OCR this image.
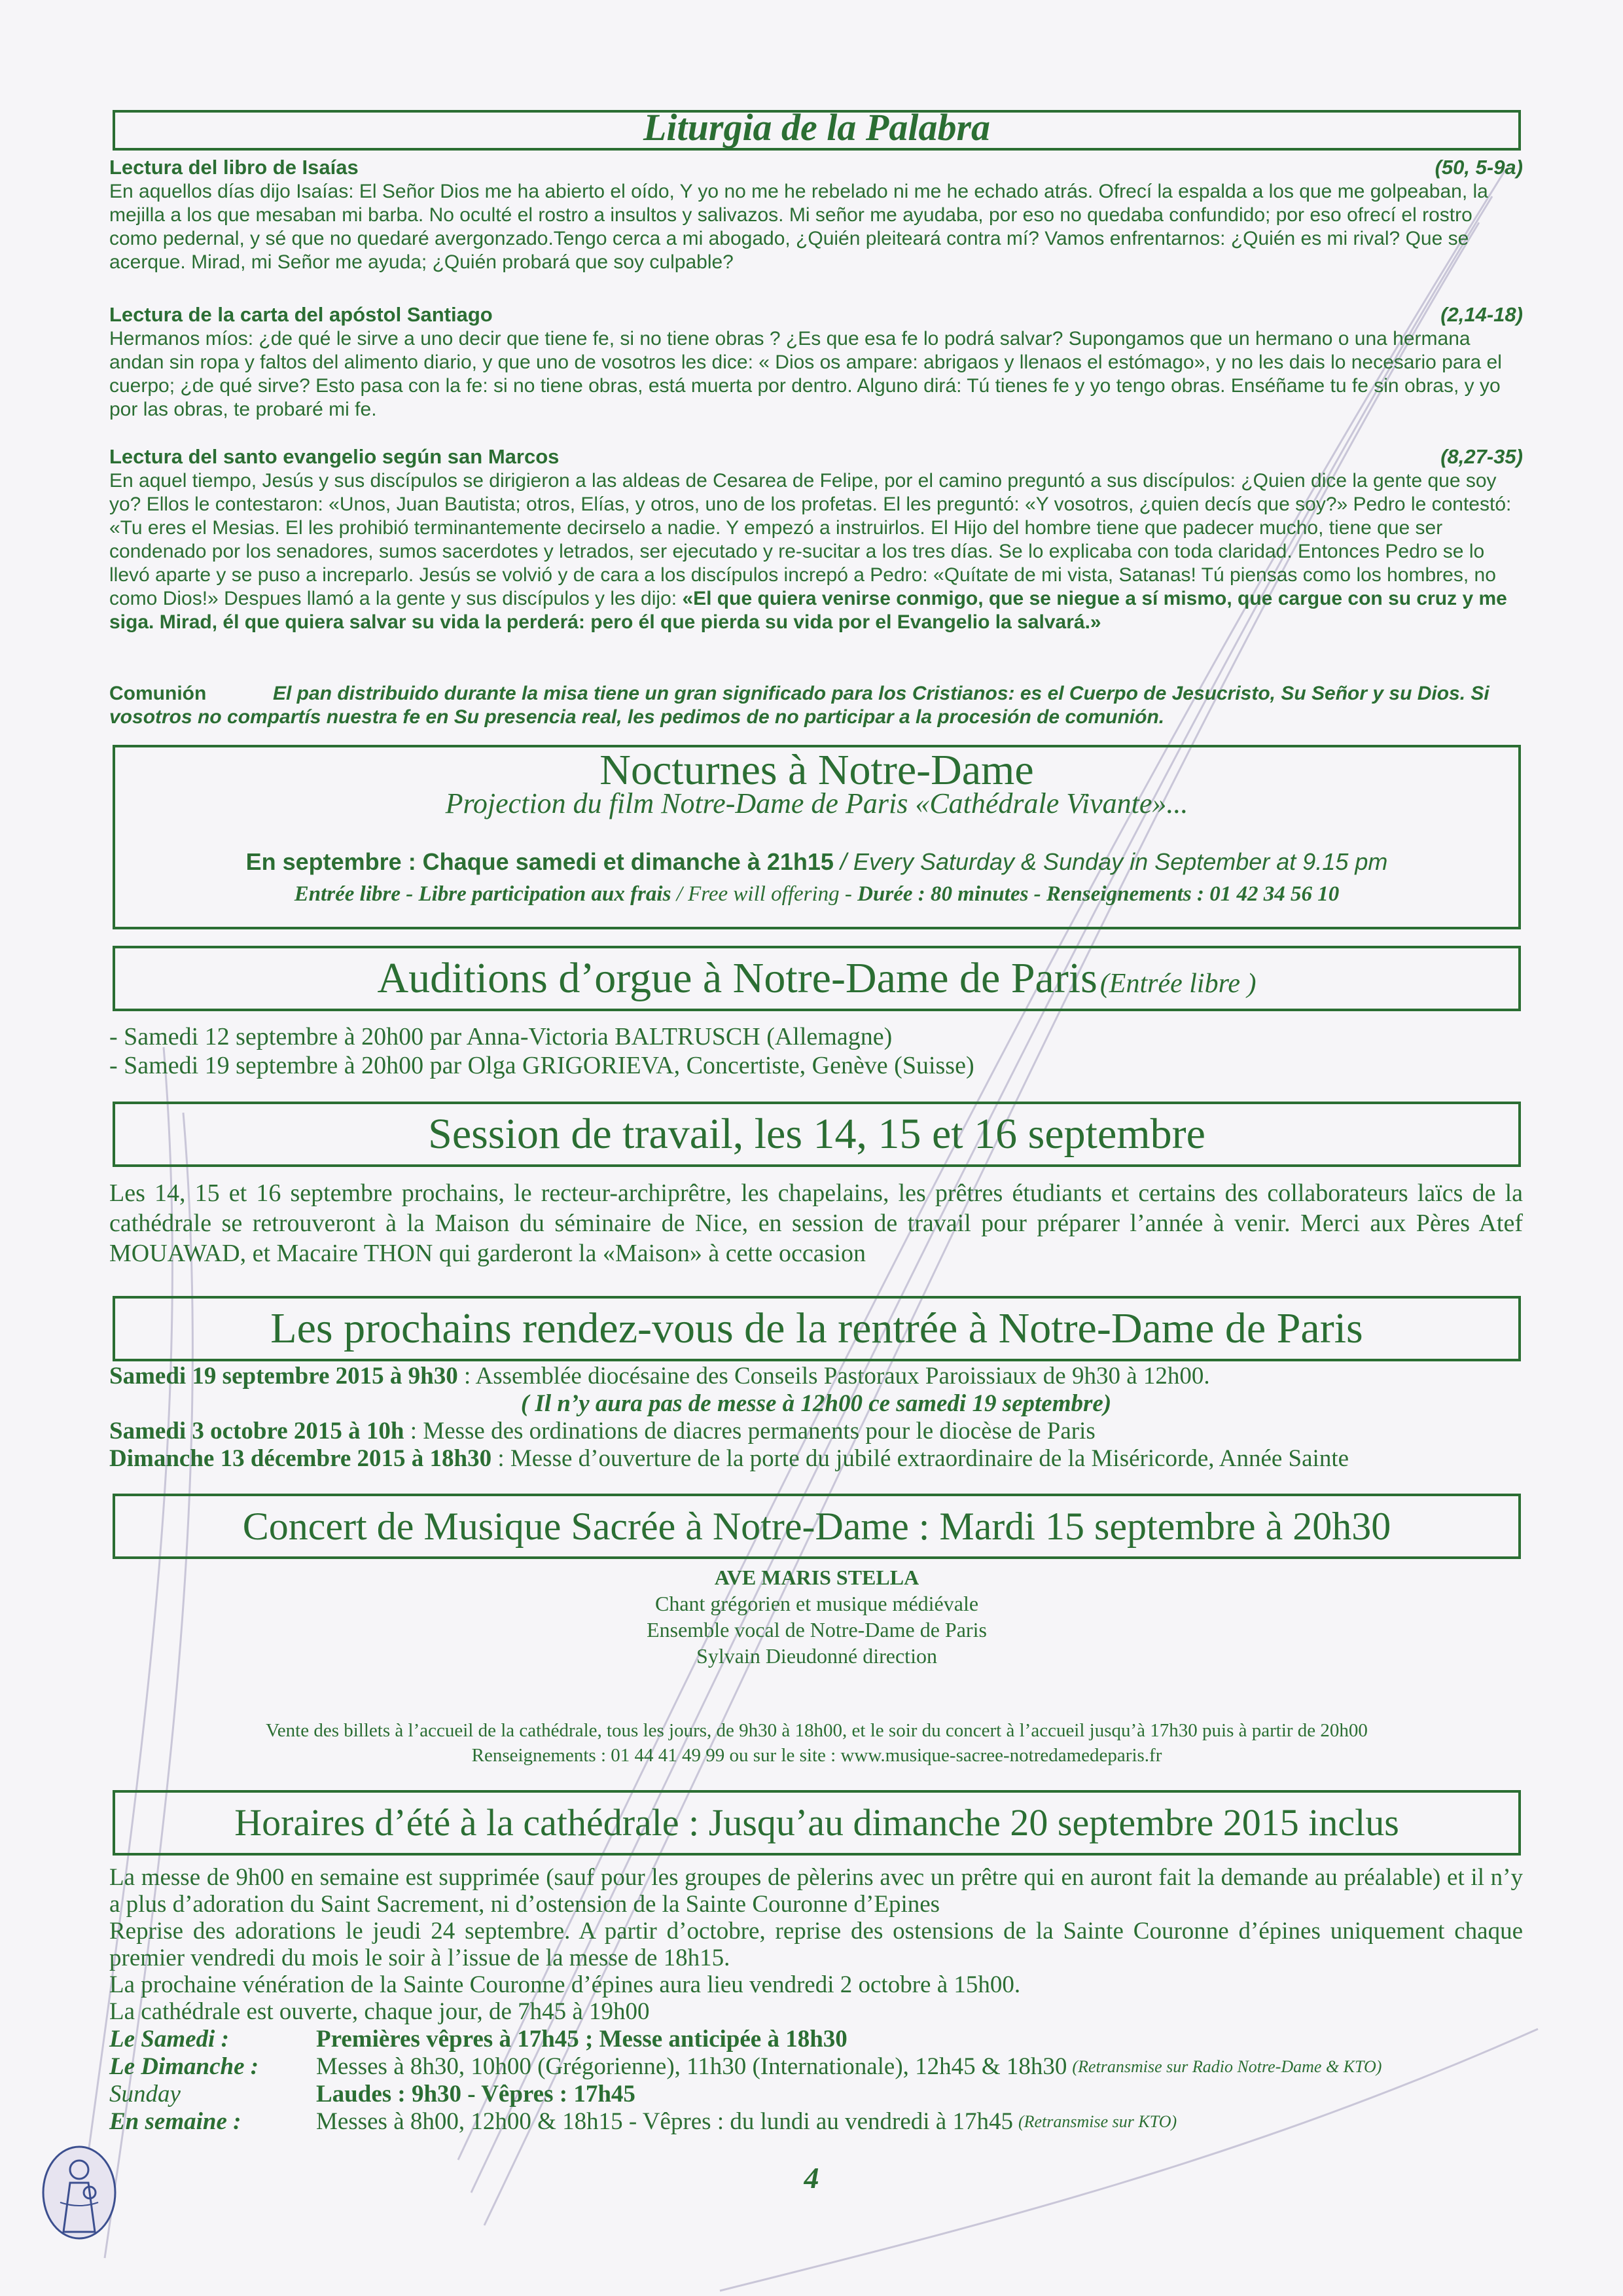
Liturgia de la Palabra
Lectura del libro de Isaías	(50, 5-9a)

En aquellos días dijo Isaías: El Señor Dios me ha abierto el oído, Y yo no me he rebelado ni me he echado atrás. Ofrecí la espalda a los que me golpeaban, la mejilla a los que mesaban mi barba. No oculté el rostro a insultos y salivazos. Mi señor me ayudaba, por eso no quedaba confundido; por eso ofrecí el rostro como pedernal, y sé que no quedaré avergonzado.Tengo cerca a mi abogado, ¿Quién pleiteará contra mí? Vamos enfrentarnos: ¿Quién es mi rival? Que se acerque. Mirad, mi Señor me ayuda; ¿Quién probará que soy culpable?

Lectura de la carta del apóstol Santiago	(2,14-18)

Hermanos míos: ¿de qué le sirve a uno decir que tiene fe, si no tiene obras ? ¿Es que esa fe lo podrá salvar? Supongamos que un hermano o una hermana andan sin ropa y faltos del alimento diario, y que uno de vosotros les dice: « Dios os ampare: abrigaos y llenaos el estómago», y no les dais lo necesario para el cuerpo; ¿de qué sirve? Esto pasa con la fe: si no tiene obras, está muerta por dentro. Alguno dirá: Tú tienes fe y yo tengo obras. Enséñame tu fe sin obras, y yo por las obras, te probaré mi fe.

Lectura del santo evangelio según san Marcos	(8,27-35)

En aquel tiempo, Jesús y sus discípulos se dirigieron a las aldeas de Cesarea de Felipe, por el camino preguntó a sus discípulos: ¿Quien dice la gente que soy yo? Ellos le contestaron: «Unos, Juan Bautista; otros, Elías, y otros, uno de los profetas. El les preguntó: «Y vosotros, ¿quien decís que soy?» Pedro le contestó: «Tu eres el Mesias. El les prohibió terminantemente decirselo a nadie. Y empezó a instruirlos. El Hijo del hombre tiene que padecer mucho, tiene que ser condenado por los senadores, sumos sacerdotes y letrados, ser ejecutado y re-sucitar a los tres días. Se lo explicaba con toda claridad. Entonces Pedro se lo llevó aparte y se puso a increparlo. Jesús se volvió y de cara a los discípulos increpó a Pedro: «Quítate de mi vista, Satanas! Tú piensas como los hombres, no como Dios!» Despues llamó a la gente y sus discípulos y les dijo: «El que quiera venirse conmigo, que se niegue a sí mismo, que cargue con su cruz y me siga. Mirad, él que quiera salvar su vida la perderá: pero él que pierda su vida por el Evangelio la salvará.»

Comunión	El pan distribuido durante la misa tiene un gran significado para los Cristianos: es el Cuerpo de Jesucristo, Su Señor y su Dios. Si vosotros no compartís nuestra fe en Su presencia real, les pedimos de no participar a la procesión de comunión.

Nocturnes à Notre-Dame
Projection du film Notre-Dame de Paris «Cathédrale Vivante»...
En septembre : Chaque samedi et dimanche à 21h15 / Every Saturday & Sunday in September at 9.15 pm
Entrée libre - Libre participation aux frais / Free will offering - Durée : 80 minutes - Renseignements : 01 42 34 56 10
Auditions d’orgue à Notre-Dame de Paris (Entrée libre )

- Samedi 12 septembre à 20h00 par Anna-Victoria BALTRUSCH (Allemagne)

- Samedi 19 septembre à 20h00 par Olga GRIGORIEVA, Concertiste, Genève (Suisse)

Session de travail, les 14, 15 et 16 septembre
Les 14, 15 et 16 septembre prochains, le recteur-archiprêtre, les chapelains, les prêtres étudiants et certains des collaborateurs laïcs de la cathédrale se retrouveront à la Maison du séminaire de Nice, en session de travail pour préparer l’année à venir. Merci aux Pères Atef MOUAWAD, et Macaire THON qui garderont la «Maison» à cette occasion
Les prochains rendez-vous de la rentrée à Notre-Dame de Paris

Samedi 19 septembre 2015 à 9h30 : Assemblée diocésaine des Conseils Pastoraux Paroissiaux de 9h30 à 12h00.

( Il n’y aura pas de messe à 12h00 ce samedi 19 septembre)

Samedi 3 octobre 2015 à 10h : Messe des ordinations de diacres permanents pour le diocèse de Paris

Dimanche 13 décembre 2015 à 18h30 : Messe d’ouverture de la porte du jubilé extraordinaire de la Miséricorde, Année Sainte

Concert de Musique Sacrée à Notre-Dame : Mardi 15 septembre à 20h30

AVE MARIS STELLA

Chant grégorien et musique médiévale

Ensemble vocal de Notre-Dame de Paris

Sylvain Dieudonné direction

Vente des billets à l’accueil de la cathédrale, tous les jours, de 9h30 à 18h00, et le soir du concert à l’accueil jusqu’à 17h30 puis à partir de 20h00

Renseignements : 01 44 41 49 99 ou sur le site : www.musique-sacree-notredamedeparis.fr

Horaires d’été à la cathédrale : Jusqu’au dimanche 20 septembre 2015 inclus

La messe de 9h00 en semaine est supprimée (sauf pour les groupes de pèlerins avec un prêtre qui en auront fait la demande au préalable) et il n’y a plus d’adoration du Saint Sacrement, ni d’ostension de la Sainte Couronne d’Epines

Reprise des adorations le jeudi 24 septembre. A partir d’octobre, reprise des ostensions de la Sainte Couronne d’épines uniquement chaque premier vendredi du mois le soir à l’issue de la messe de 18h15.

La prochaine vénération de la Sainte Couronne d’épines aura lieu vendredi 2 octobre à 15h00.

La cathédrale est ouverte, chaque jour, de 7h45 à 19h00

Le Samedi :	Premières vêpres à 17h45 ; Messe anticipée à 18h30
Le Dimanche :	Messes à 8h30, 10h00 (Grégorienne), 11h30 (Internationale), 12h45 & 18h30 (Retransmise sur Radio Notre-Dame & KTO)
Sunday	Laudes : 9h30 - Vêpres : 17h45
En semaine :	Messes à 8h00, 12h00 & 18h15 - Vêpres : du lundi au vendredi à 17h45 (Retransmise sur KTO)
4
